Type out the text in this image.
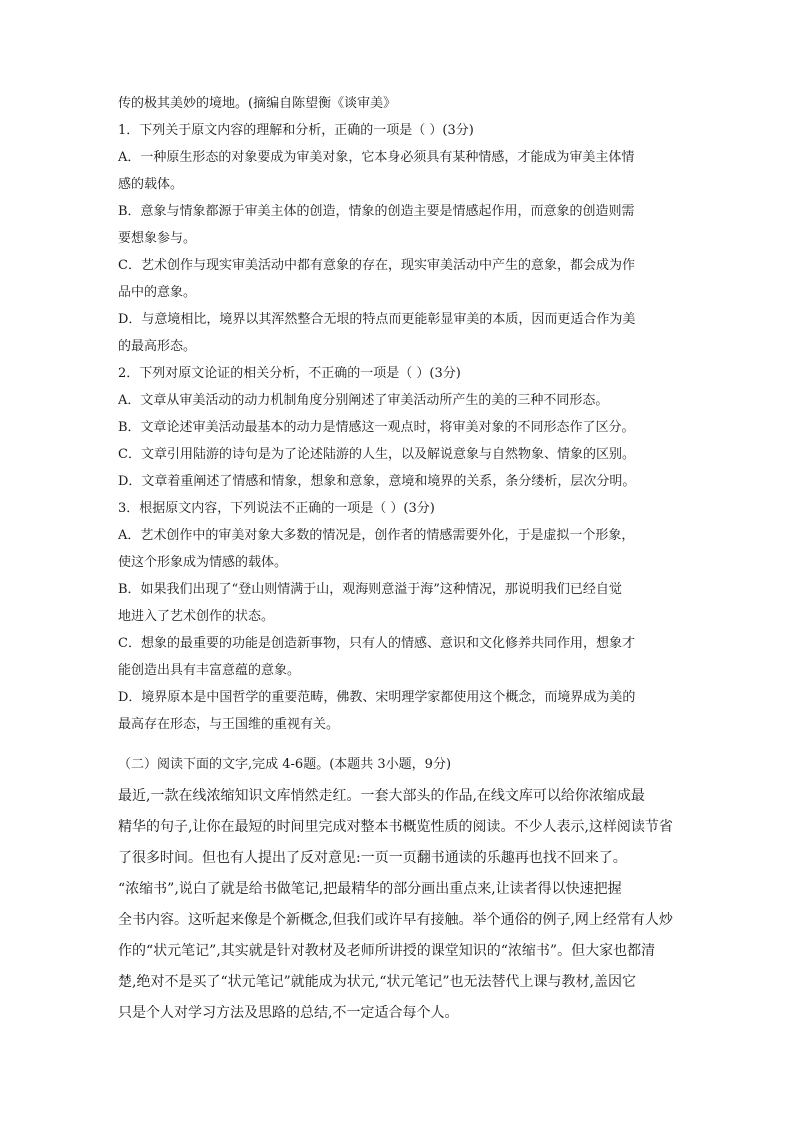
传的极其美妙的境地。(摘编自陈望衡《谈审美》
1．下列关于原文内容的理解和分析，正确的一项是（ ）(3分)
A．一种原生形态的对象要成为审美对象，它本身必须具有某种情感，才能成为审美主体情
感的载体。
B．意象与情象都源于审美主体的创造，情象的创造主要是情感起作用，而意象的创造则需
要想象参与。
C．艺术创作与现实审美活动中都有意象的存在，现实审美活动中产生的意象，都会成为作
品中的意象。
D．与意境相比，境界以其浑然整合无垠的特点而更能彰显审美的本质，因而更适合作为美
的最高形态。
2．下列对原文论证的相关分析，不正确的一项是（ ）(3分)
A．文章从审美活动的动力机制角度分别阐述了审美活动所产生的美的三种不同形态。
B．文章论述审美活动最基本的动力是情感这一观点时，将审美对象的不同形态作了区分。
C．文章引用陆游的诗句是为了论述陆游的人生，以及解说意象与自然物象、情象的区别。
D．文章着重阐述了情感和情象，想象和意象，意境和境界的关系，条分缕析，层次分明。
3．根据原文内容，下列说法不正确的一项是（ ）(3分)
A．艺术创作中的审美对象大多数的情况是，创作者的情感需要外化，于是虚拟一个形象，
使这个形象成为情感的载体。
B．如果我们出现了“登山则情满于山，观海则意溢于海”这种情况，那说明我们已经自觉
地进入了艺术创作的状态。
C．想象的最重要的功能是创造新事物，只有人的情感、意识和文化修养共同作用，想象才
能创造出具有丰富意蕴的意象。
D．境界原本是中国哲学的重要范畴，佛教、宋明理学家都使用这个概念，而境界成为美的
最高存在形态，与王国维的重视有关。
（二）阅读下面的文字,完成 4-6题。(本题共 3小题，9分)
最近,一款在线浓缩知识文库悄然走红。一套大部头的作品,在线文库可以给你浓缩成最
精华的句子,让你在最短的时间里完成对整本书概览性质的阅读。不少人表示,这样阅读节省
了很多时间。但也有人提出了反对意见:一页一页翻书通读的乐趣再也找不回来了。
“浓缩书”,说白了就是给书做笔记,把最精华的部分画出重点来,让读者得以快速把握
全书内容。这听起来像是个新概念,但我们或许早有接触。举个通俗的例子,网上经常有人炒
作的“状元笔记”,其实就是针对教材及老师所讲授的课堂知识的“浓缩书”。但大家也都清
楚,绝对不是买了“状元笔记”就能成为状元,“状元笔记”也无法替代上课与教材,盖因它
只是个人对学习方法及思路的总结,不一定适合每个人。
